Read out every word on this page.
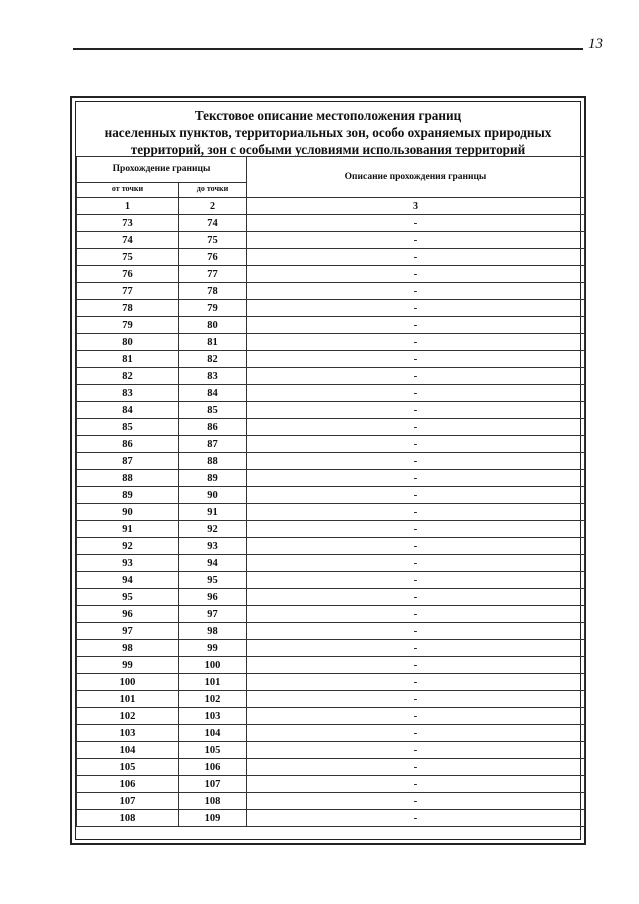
13
Текстовое описание местоположения границ
населенных пунктов, территориальных зон, особо охраняемых природных
территорий, зон с особыми условиями использования территорий
Прохождение границы		Описание прохождения границы
от точки	до точки	
1	2	3
73	74	-
74	75	-
75	76	-
76	77	-
77	78	-
78	79	-
79	80	-
80	81	-
81	82	-
82	83	-
83	84	-
84	85	-
85	86	-
86	87	-
87	88	-
88	89	-
89	90	-
90	91	-
91	92	-
92	93	-
93	94	-
94	95	-
95	96	-
96	97	-
97	98	-
98	99	-
99	100	-
100	101	-
101	102	-
102	103	-
103	104	-
104	105	-
105	106	-
106	107	-
107	108	-
108	109	-
